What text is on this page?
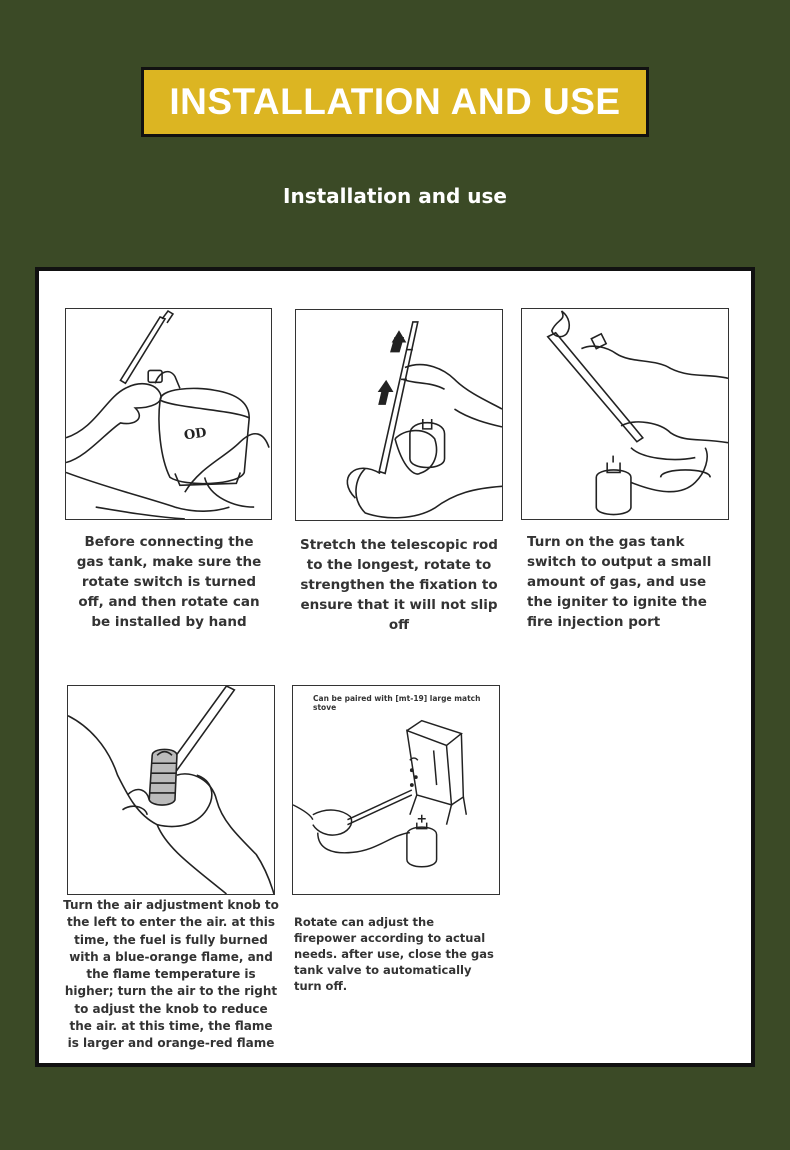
INSTALLATION AND USE
Installation and use
OD
Before connecting the gas tank, make sure the rotate switch is turned off, and then rotate can be installed by hand
Stretch the telescopic rod to the longest, rotate to strengthen the fixation to ensure that it will not slip off
Turn on the gas tank switch to output a small amount of gas, and use the igniter to ignite the fire injection port
Turn the air adjustment knob to the left to enter the air. at this time, the fuel is fully burned with a blue-orange flame, and the flame temperature is higher; turn the air to the right to adjust the knob to reduce the air. at this time, the flame is larger and orange-red flame
Can be paired with [mt-19] large match stove
Rotate can adjust the firepower according to actual needs. after use, close the gas tank valve to automatically turn off.
